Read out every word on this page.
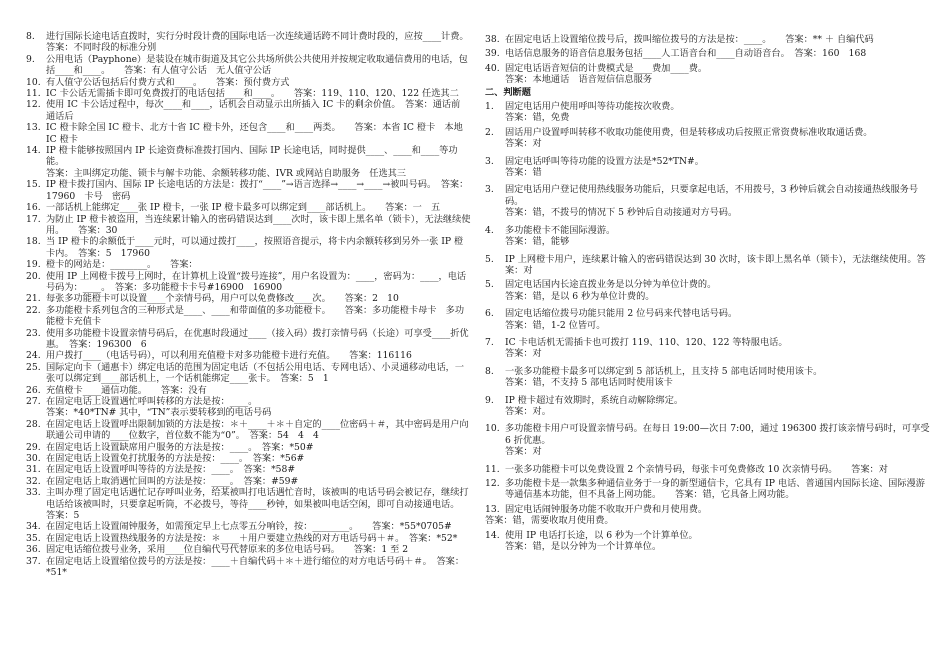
8.	进行国际长途电话直拨时，实行分时段计费的国际电话一次连续通话跨不同计费时段的，应按____计费。
答案：不同时段的标准分别
9.	公用电话（Payphone）是装设在城市街道及其它公共场所供公共使用并按规定收取通信费用的电话，包括____和____。　　答案：有人值守公话　无人值守公话
10. 有人值守公话包括后付费方式和____。　　答案：预付费方式
11. IC 卡公话无需插卡即可免费拨打的电话包括____和____。　　答案：119、110、120、122 任选其二
12. 使用 IC 卡公话过程中，每次____和____，话机会自动显示出所插入 IC 卡的剩余价值。　答案：通话前　通话后
13. IC 橙卡除全国 IC 橙卡、北方十省 IC 橙卡外，还包含____和____两类。　　答案：本省 IC 橙卡　本地 IC 橙卡
14. IP 橙卡能够按照国内 IP 长途资费标准拨打国内、国际 IP 长途电话，同时提供____、____和____等功能。
答案：主叫绑定功能、锁卡与解卡功能、余额转移功能、IVR 或网站自助服务　任选其三
15. IP 橙卡拨打国内、国际 IP 长途电话的方法是：拨打“____”→语言选择→____→____→被叫号码。　答案：17960　卡号　密码
16. 一部话机上能绑定____张 IP 橙卡，一张 IP 橙卡最多可以绑定到____部话机上。　　答案：一　五
17. 为防止 IP 橙卡被盗用，当连续累计输入的密码错误达到____次时，该卡即上黑名单（锁卡），无法继续使用。　　答案：30
18. 当 IP 橙卡的余额低于____元时，可以通过拨打____，按照语音提示，将卡内余额转移到另外一张 IP 橙卡内。　答案：5　17960
19. 橙卡的网站是：________。　　答案：
20. 使用 IP 上网橙卡拨号上网时，在计算机上设置“拨号连接”，用户名设置为：____，密码为：____，电话号码为：____。　答案：多功能橙卡卡号#16900　16900
21. 每张多功能橙卡可以设置____个亲情号码，用户可以免费修改____次。　　答案：2　10
22. 多功能橙卡系列包含的三种形式是____、____和带面值的多功能橙卡。　　答案：多功能橙卡母卡　多功能橙卡充值卡
23. 使用多功能橙卡设置亲情号码后，在优惠时段通过____（接入码）拨打亲情号码（长途）可享受____折优惠。　答案：196300　6
24. 用户拨打____（电话号码），可以利用充值橙卡对多功能橙卡进行充值。　　答案：116116
25. 国际定向卡（通惠卡）绑定电话的范围为固定电话（不包括公用电话、专网电话）、小灵通移动电话，一张可以绑定到____部话机上，一个话机能绑定____张卡。　答案：5　1
26. 充值橙卡____通信功能。　　答案：没有
27. 在固定电话上设置遇忙呼叫转移的方法是按：____。
答案：*40*TN# 其中，“TN”表示要转移到的电话号码
28. 在固定电话上设置呼出限制加锁的方法是按：＊＋____＋＊＋自定的____位密码＋＃，其中密码是用户向联通公司申请的____位数字，首位数不能为“0”。　答案：54　4　4
29. 在固定电话上设置缺席用户服务的方法是按：____。　答案：*50#
30. 在固定电话上设置免打扰服务的方法是按：____。　答案：*56#
31. 在固定电话上设置呼叫等待的方法是按：____。　答案：*58#
32. 在固定电话上取消遇忙回叫的方法是按：____。　答案：#59#
33. 主叫办理了固定电话遇忙记存呼叫业务，给某被叫打电话遇忙音时，该被叫的电话号码会被记存，继续打电话给该被叫时，只要拿起听筒，不必拨号，等待____秒钟，如果被叫电话空闲，即可自动接通电话。　答案：5
34. 在固定电话上设置闹钟服务，如需预定早上七点零五分响铃，按：________。　　答案：*55*0705#
35. 在固定电话上设置热线服务的方法是按：＊____＋用户要建立热线的对方电话号码＋＃。　答案：*52*
36. 固定电话缩位拨号业务，采用____位自编代号代替原来的多位电话号码。　　答案：1 至 2
37. 在固定电话上设置缩位拨号的方法是按：____＋自编代码＋＊＋进行缩位的对方电话号码＋＃。　答案：*51*
38. 在固定电话上设置缩位拨号后，拨叫缩位拨号的方法是按：____。　　答案：** ＋ 自编代码
39. 电话信息服务的语音信息服务包括____人工语音台和____自动语音台。　答案：160　168
40. 固定电话语音短信的计费模式是____费加____费。
答案：本地通话　语音短信信息服务
二、判断题
1.	固定电话用户使用呼叫等待功能按次收费。
答案：错，免费
2.	固话用户设置呼叫转移不收取功能使用费，但是转移成功后按照正常资费标准收取通话费。
答案：对
3.	固定电话呼叫等待功能的设置方法是*52*TN#。
答案：错
3.	固定电话用户登记使用热线服务功能后，只要拿起电话，不用拨号，3 秒钟后就会自动接通热线服务号码。
答案：错，不拨号的情况下 5 秒钟后自动接通对方号码。
4.	多功能橙卡不能国际漫游。
答案：错，能够
5.	IP 上网橙卡用户，连续累计输入的密码错误达到 30 次时，该卡即上黑名单（锁卡），无法继续使用。答案：对
5.	固定电话国内长途直拨业务是以分钟为单位计费的。
答案：错，是以 6 秒为单位计费的。
6.	固定电话缩位拨号功能只能用 2 位号码来代替电话号码。
答案：错，1-2 位皆可。
7.	IC 卡电话机无需插卡也可拨打 119、110、120、122 等特服电话。
答案：对
8.	一张多功能橙卡最多可以绑定到 5 部话机上，且支持 5 部电话同时使用该卡。
答案：错，不支持 5 部电话同时使用该卡
9.	IP 橙卡超过有效期时，系统自动解除绑定。
答案：对。
10. 多功能橙卡用户可设置亲情号码。在每日 19:00—次日 7:00，通过 196300 拨打该亲情号码时，可享受 6 折优惠。
答案：对
11. 一张多功能橙卡可以免费设置 2 个亲情号码，每张卡可免费修改 10 次亲情号码。　　答案：对
12. 多功能橙卡是一款集多种通信业务于一身的新型通信卡，它具有 IP 电话、普通国内国际长途、国际漫游等通信基本功能，但不具备上网功能。　　答案：错，它具备上网功能。
13. 固定电话闹钟服务功能不收取开户费和月使用费。
答案：错，需要收取月使用费。
14. 使用 IP 电话打长途，以 6 秒为一个计算单位。
答案：错，是以分钟为一个计算单位。
